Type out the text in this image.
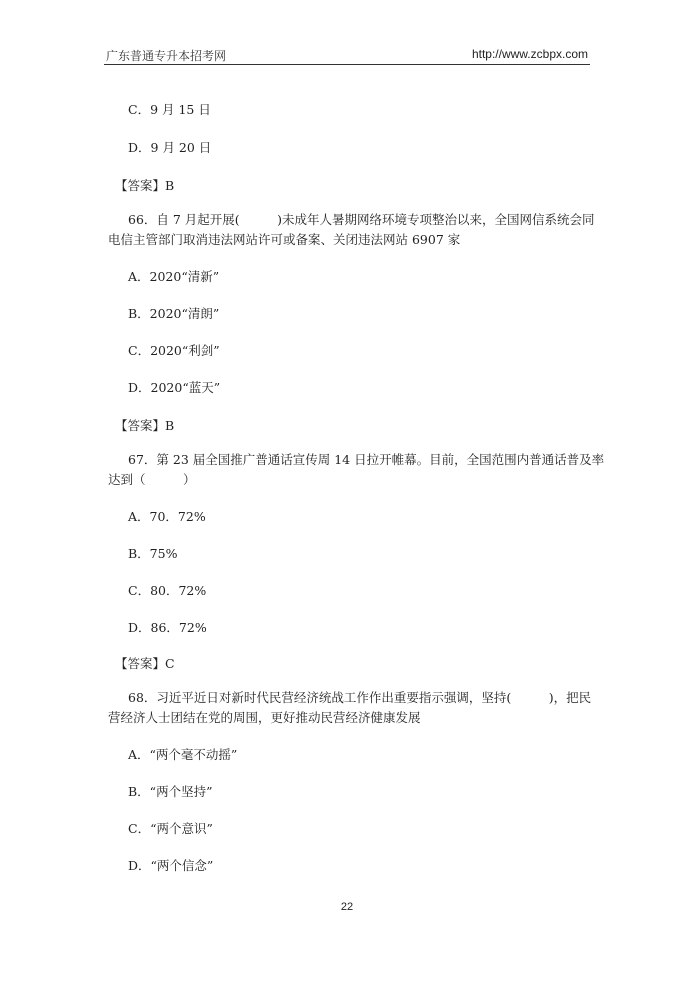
广东普通专升本招考网	http://www.zcbpx.com
C．9 月 15 日
D．9 月 20 日
【答案】B
66．自 7 月起开展(　　　)未成年人暑期网络环境专项整治以来，全国网信系统会同
电信主管部门取消违法网站许可或备案、关闭违法网站 6907 家
A．2020“清新”
B．2020“清朗”
C．2020“利剑”
D．2020“蓝天”
【答案】B
67．第 23 届全国推广普通话宣传周 14 日拉开帷幕。目前，全国范围内普通话普及率
达到（　　　）
A．70．72%
B．75%
C．80．72%
D．86．72%
【答案】C
68．习近平近日对新时代民营经济统战工作作出重要指示强调，坚持(　　　)，把民
营经济人士团结在党的周围，更好推动民营经济健康发展
A．“两个毫不动摇”
B．“两个坚持”
C．“两个意识”
D．“两个信念”
22
